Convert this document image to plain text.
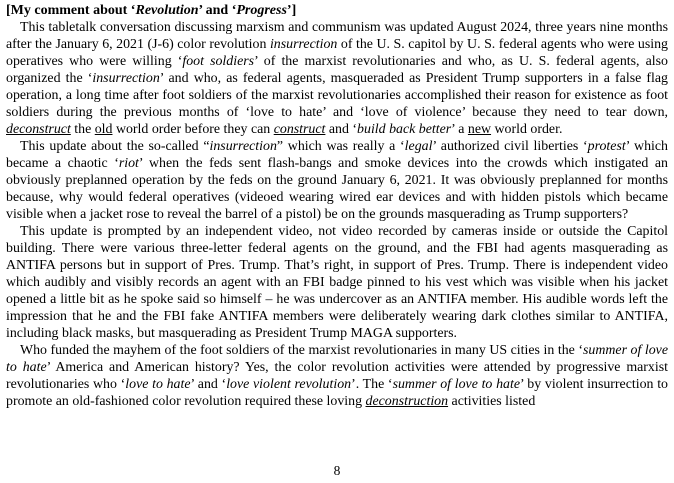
[My comment about ‘Revolution’ and ‘Progress’]

This tabletalk conversation discussing marxism and communism was updated August 2024, three years nine months after the January 6, 2021 (J-6) color revolution insurrection of the U. S. capitol by U. S. federal agents who were using operatives who were willing ‘foot soldiers’ of the marxist revolutionaries and who, as U. S. federal agents, also organized the ‘insurrection’ and who, as federal agents, masqueraded as President Trump supporters in a false flag operation, a long time after foot soldiers of the marxist revolutionaries accomplished their reason for existence as foot soldiers during the previous months of ‘love to hate’ and ‘love of violence’ because they need to tear down, deconstruct the old world order before they can construct and ‘build back better’ a new world order.

This update about the so-called “insurrection” which was really a ‘legal’ authorized civil liberties ‘protest’ which became a chaotic ‘riot’ when the feds sent flash-bangs and smoke devices into the crowds which instigated an obviously preplanned operation by the feds on the ground January 6, 2021. It was obviously preplanned for months because, why would federal operatives (videoed wearing wired ear devices and with hidden pistols which became visible when a jacket rose to reveal the barrel of a pistol) be on the grounds masquerading as Trump supporters?

This update is prompted by an independent video, not video recorded by cameras inside or outside the Capitol building. There were various three-letter federal agents on the ground, and the FBI had agents masquerading as ANTIFA persons but in support of Pres. Trump. That’s right, in support of Pres. Trump. There is independent video which audibly and visibly records an agent with an FBI badge pinned to his vest which was visible when his jacket opened a little bit as he spoke said so himself – he was undercover as an ANTIFA member. His audible words left the impression that he and the FBI fake ANTIFA members were deliberately wearing dark clothes similar to ANTIFA, including black masks, but masquerading as President Trump MAGA supporters.

Who funded the mayhem of the foot soldiers of the marxist revolutionaries in many US cities in the ‘summer of love to hate’ America and American history? Yes, the color revolution activities were attended by progressive marxist revolutionaries who ‘love to hate’ and ‘love violent revolution’. The ‘summer of love to hate’ by violent insurrection to promote an old-fashioned color revolution required these loving deconstruction activities listed

8
